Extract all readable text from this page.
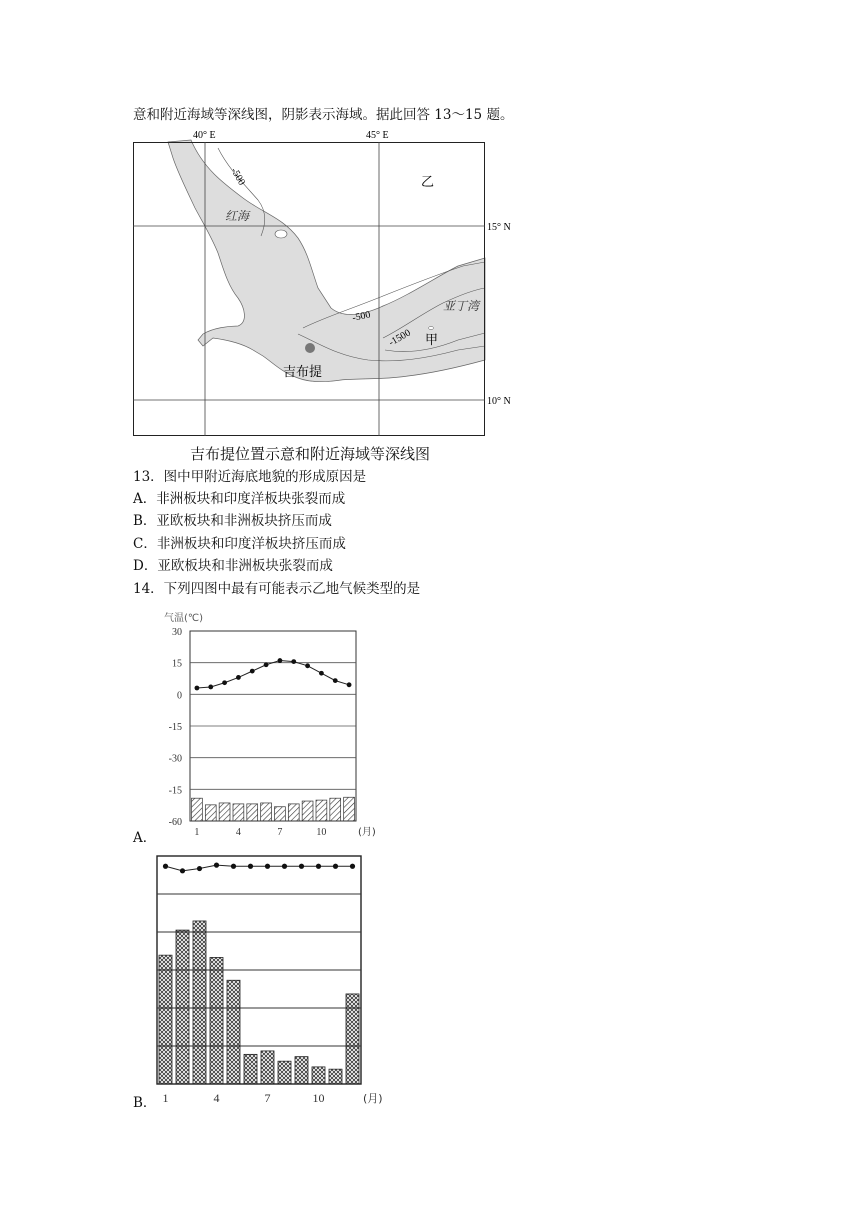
意和附近海域等深线图，阴影表示海域。据此回答 13～15 题。
40° E	45° E
15° N
10° N
乙
红海
-500
-500
-1500
亚丁湾
甲
吉布提
吉布提位置示意和附近海域等深线图
13．图中甲附近海底地貌的形成原因是
A．非洲板块和印度洋板块张裂而成
B．亚欧板块和非洲板块挤压而成
C．非洲板块和印度洋板块挤压而成
D．亚欧板块和非洲板块张裂而成
14．下列四图中最有可能表示乙地气候类型的是
30
15
0
-15
-30
-15
-60
气温(℃)
1	4	7	10	(月)
A．
1	4	7	10	(月)
B．
